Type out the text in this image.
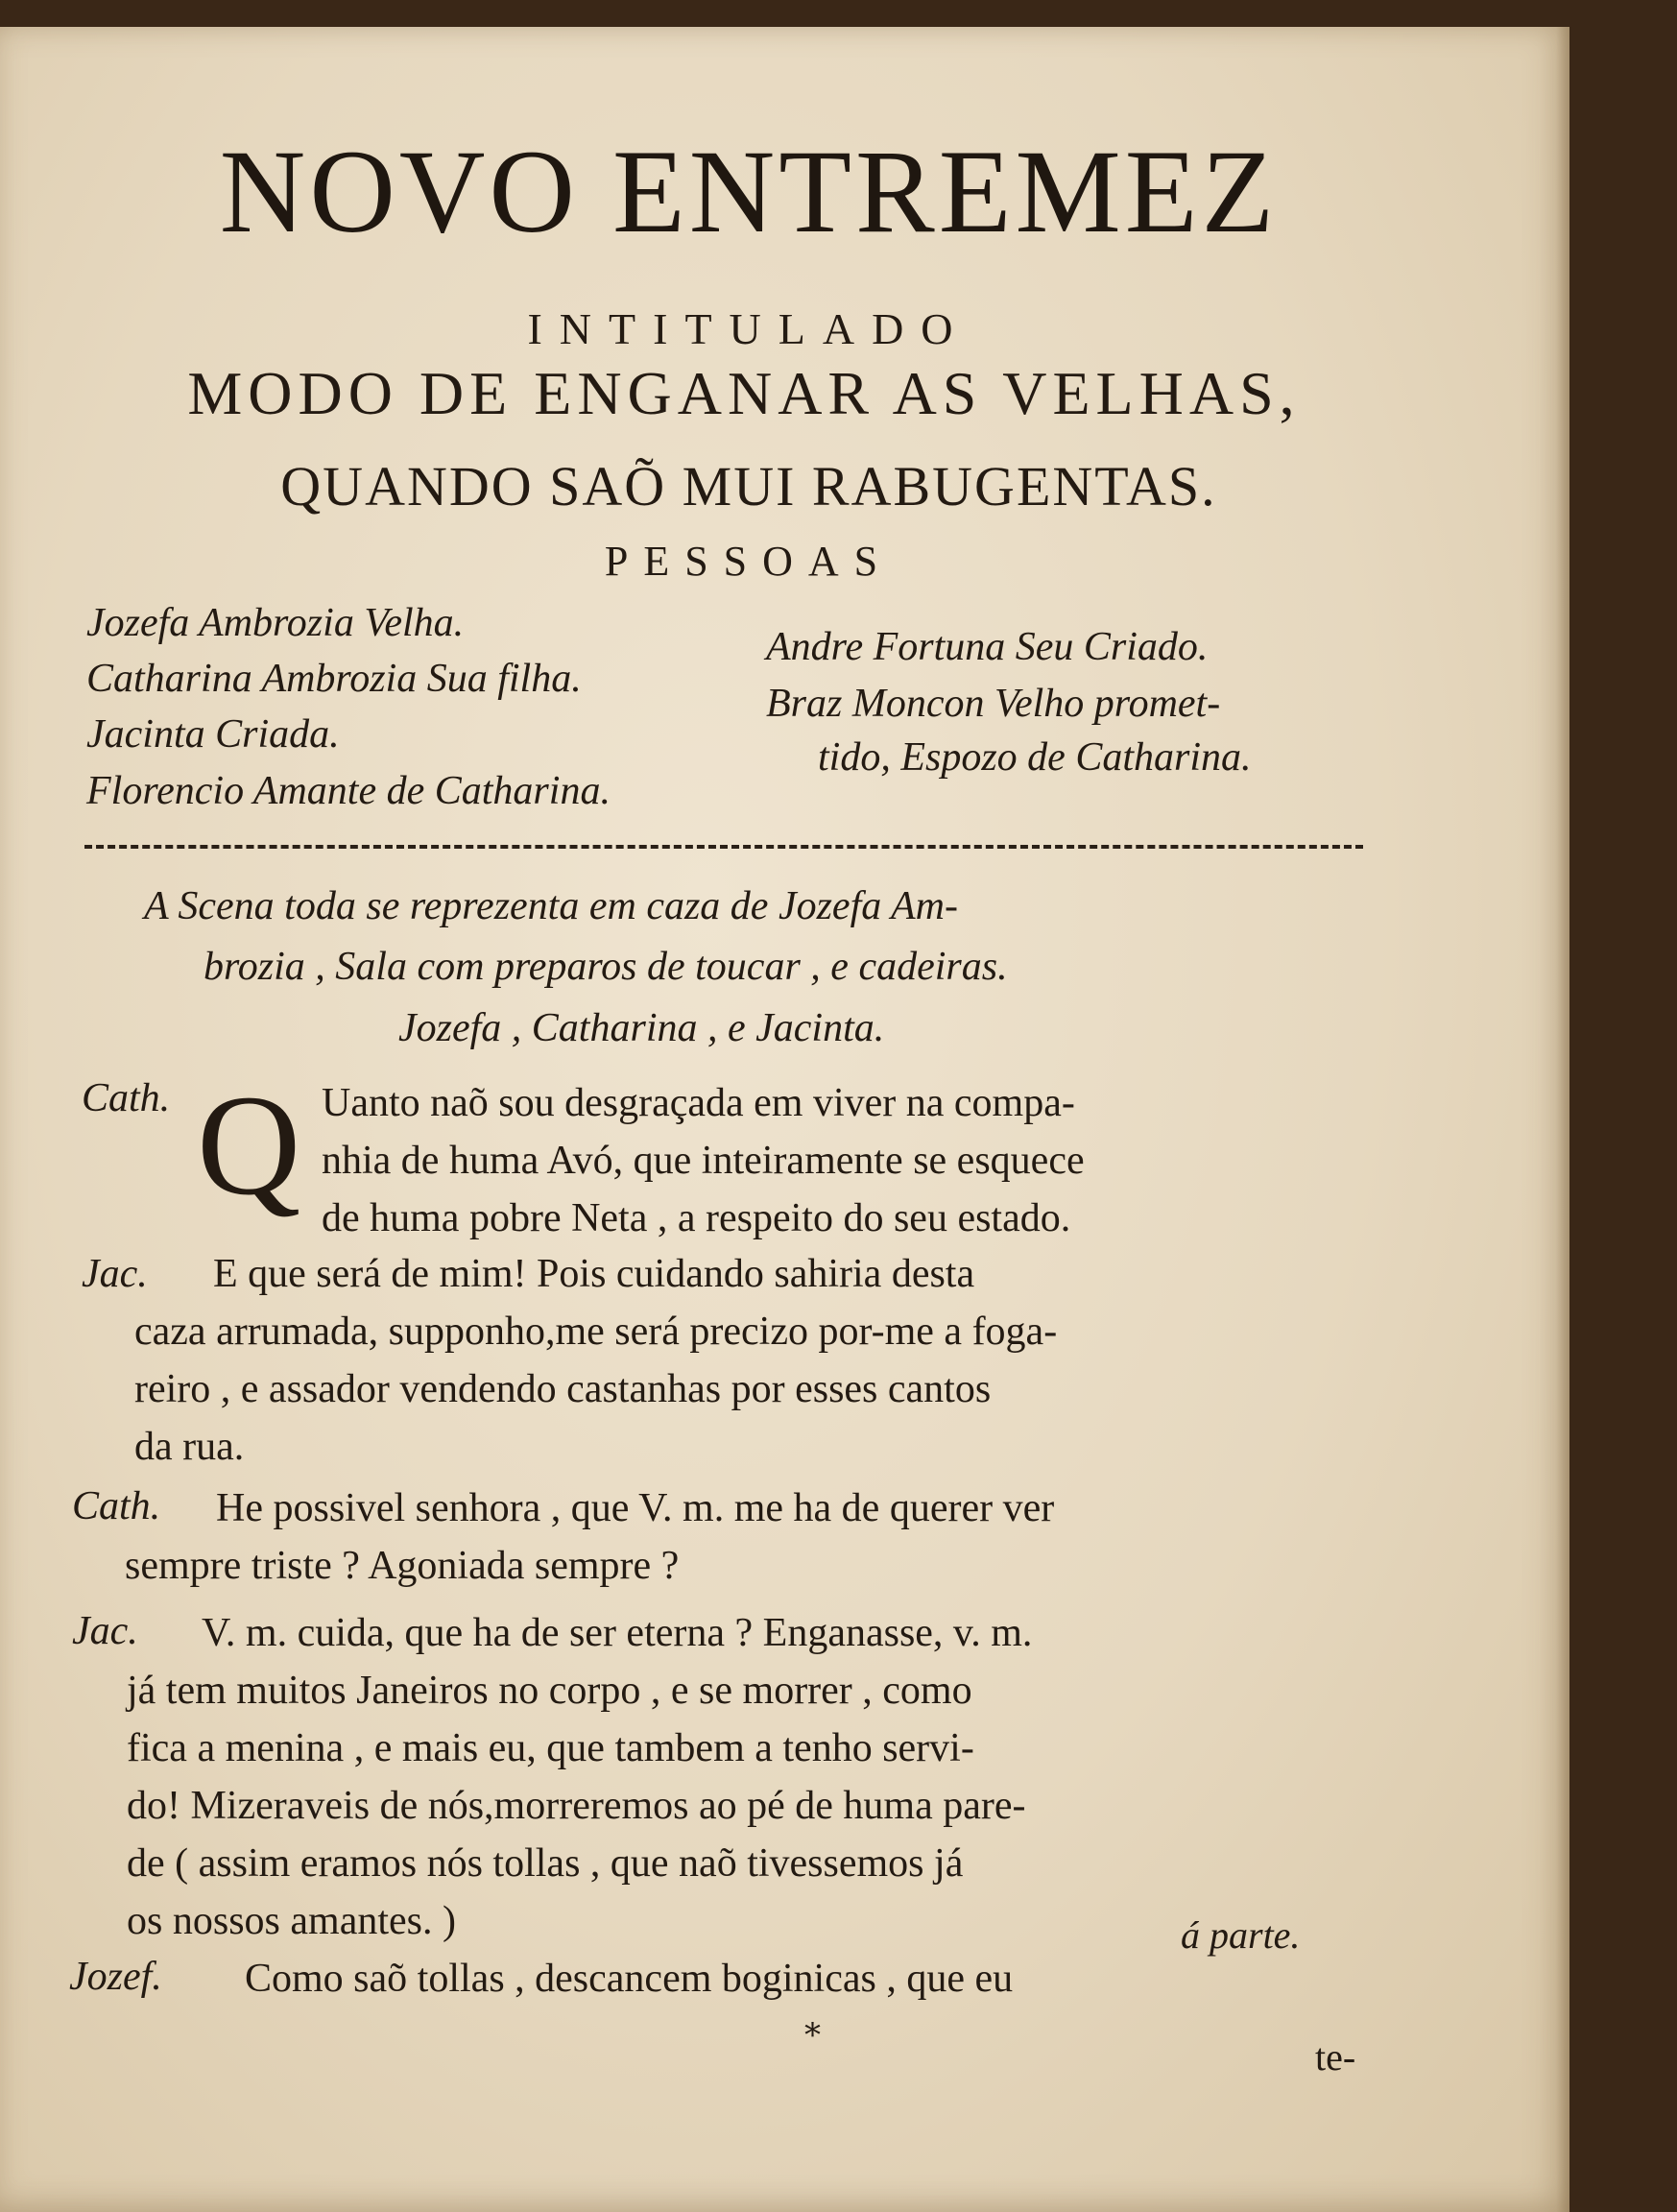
NOVO ENTREMEZ
INTITULADO
MODO DE ENGANAR AS VELHAS,
QUANDO SAÕ MUI RABUGENTAS.
PESSOAS
Jozefa Ambrozia Velha.
Catharina Ambrozia Sua filha.
Jacinta Criada.
Florencio Amante de Catharina.
Andre Fortuna Seu Criado.
Braz Moncon Velho promet-
tido, Espozo de Catharina.
A Scena toda se reprezenta em caza de Jozefa Am-
brozia , Sala com preparos de toucar , e cadeiras.
Jozefa , Catharina , e Jacinta.
Cath. Q Uanto naõ sou desgraçada em viver na compa-
nhia de huma Avó, que inteiramente se esquece
de huma pobre Neta , a respeito do seu estado.
Jac. E que será de mim! Pois cuidando sahiria desta
caza arrumada, supponho,me será precizo por-me a foga-
reiro , e assador vendendo castanhas por esses cantos
da rua.
Cath. He possivel senhora , que V. m. me ha de querer ver
sempre triste ? Agoniada sempre ?
Jac. V. m. cuida, que ha de ser eterna ? Enganasse, v. m.
já tem muitos Janeiros no corpo , e se morrer , como
fica a menina , e mais eu, que tambem a tenho servi-
do! Mizeraveis de nós,morreremos ao pé de huma pare-
de ( assim eramos nós tollas , que naõ tivessemos já
os nossos amantes. )	á parte.
Jozef. Como saõ tollas , descancem boginicas , que eu
*	te-
